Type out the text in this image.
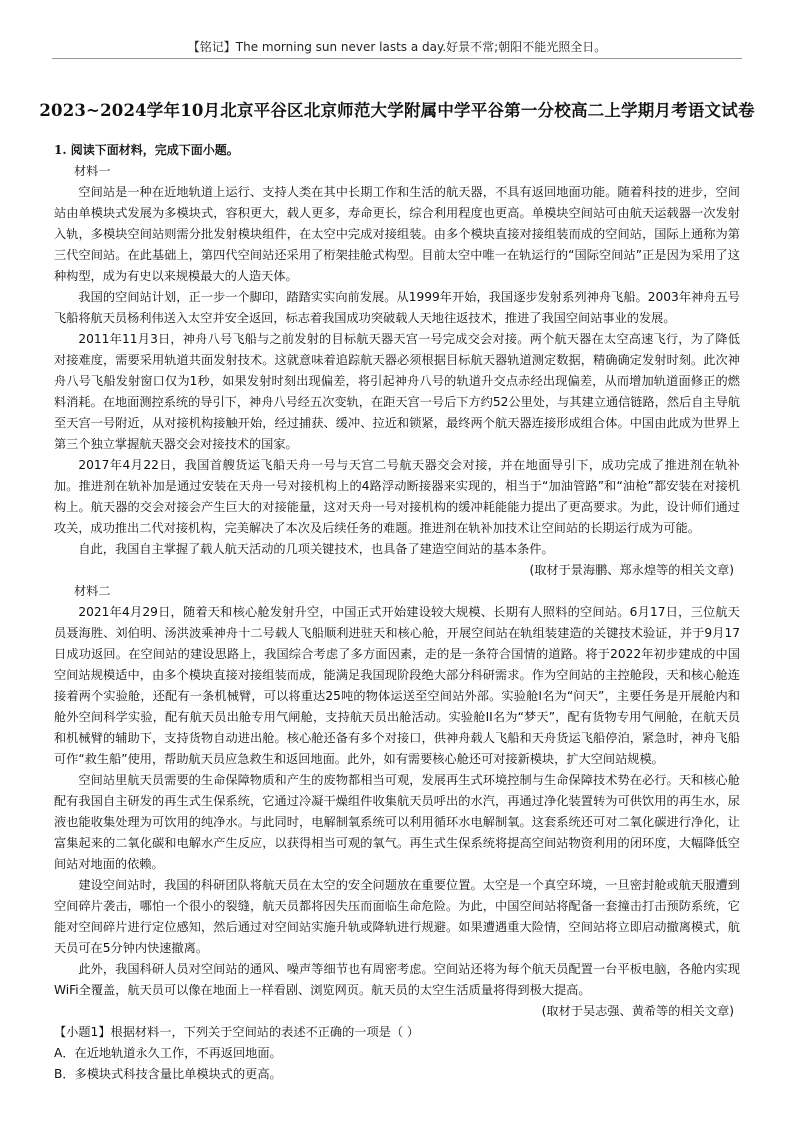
【铭记】The morning sun never lasts a day.好景不常;朝阳不能光照全日。
2023~2024学年10月北京平谷区北京师范大学附属中学平谷第一分校高二上学期月考语文试卷
1. 阅读下面材料，完成下面小题。
材料一

空间站是一种在近地轨道上运行、支持人类在其中长期工作和生活的航天器，不具有返回地面功能。随着科技的进步，空间站由单模块式发展为多模块式，容积更大，载人更多，寿命更长，综合利用程度也更高。单模块空间站可由航天运载器一次发射入轨，多模块空间站则需分批发射模块组件，在太空中完成对接组装。由多个模块直接对接组装而成的空间站，国际上通称为第三代空间站。在此基础上，第四代空间站还采用了桁架挂舱式构型。目前太空中唯一在轨运行的“国际空间站”正是因为采用了这种构型，成为有史以来规模最大的人造天体。

我国的空间站计划，正一步一个脚印，踏踏实实向前发展。从1999年开始，我国逐步发射系列神舟飞船。2003年神舟五号飞船将航天员杨利伟送入太空并安全返回，标志着我国成功突破载人天地往返技术，推进了我国空间站事业的发展。

2011年11月3日，神舟八号飞船与之前发射的目标航天器天宫一号完成交会对接。两个航天器在太空高速飞行，为了降低对接难度，需要采用轨道共面发射技术。这就意味着追踪航天器必须根据目标航天器轨道测定数据，精确确定发射时刻。此次神舟八号飞船发射窗口仅为1秒，如果发射时刻出现偏差，将引起神舟八号的轨道升交点赤经出现偏差，从而增加轨道面修正的燃料消耗。在地面测控系统的导引下，神舟八号经五次变轨，在距天宫一号后下方约52公里处，与其建立通信链路，然后自主导航至天宫一号附近，从对接机构接触开始，经过捕获、缓冲、拉近和锁紧，最终两个航天器连接形成组合体。中国由此成为世界上第三个独立掌握航天器交会对接技术的国家。

2017年4月22日，我国首艘货运飞船天舟一号与天宫二号航天器交会对接，并在地面导引下，成功完成了推进剂在轨补加。推进剂在轨补加是通过安装在天舟一号对接机构上的4路浮动断接器来实现的，相当于“加油管路”和“油枪”都安装在对接机构上。航天器的交会对接会产生巨大的对接能量，这对天舟一号对接机构的缓冲耗能能力提出了更高要求。为此，设计师们通过攻关，成功推出二代对接机构，完美解决了本次及后续任务的难题。推进剂在轨补加技术让空间站的长期运行成为可能。

自此，我国自主掌握了载人航天活动的几项关键技术，也具备了建造空间站的基本条件。

(取材于景海鹏、郑永煌等的相关文章)
材料二

2021年4月29日，随着天和核心舱发射升空，中国正式开始建设较大规模、长期有人照料的空间站。6月17日，三位航天员聂海胜、刘伯明、汤洪波乘神舟十二号载人飞船顺利进驻天和核心舱，开展空间站在轨组装建造的关键技术验证，并于9月17日成功返回。在空间站的建设思路上，我国综合考虑了多方面因素，走的是一条符合国情的道路。将于2022年初步建成的中国空间站规模适中，由多个模块直接对接组装而成，能满足我国现阶段绝大部分科研需求。作为空间站的主控舱段，天和核心舱连接着两个实验舱，还配有一条机械臂，可以将重达25吨的物体运送至空间站外部。实验舱I名为“问天”，主要任务是开展舱内和舱外空间科学实验，配有航天员出舱专用气闸舱，支持航天员出舱活动。实验舱II名为“梦天”，配有货物专用气闸舱，在航天员和机械臂的辅助下，支持货物自动进出舱。核心舱还备有多个对接口，供神舟载人飞船和天舟货运飞船停泊，紧急时，神舟飞船可作“救生船”使用，帮助航天员应急救生和返回地面。此外，如有需要核心舱还可对接新模块，扩大空间站规模。

空间站里航天员需要的生命保障物质和产生的废物都相当可观，发展再生式环境控制与生命保障技术势在必行。天和核心舱配有我国自主研发的再生式生保系统，它通过冷凝干燥组件收集航天员呼出的水汽，再通过净化装置转为可供饮用的再生水，尿液也能收集处理为可饮用的纯净水。与此同时，电解制氧系统可以利用循环水电解制氧。这套系统还可对二氧化碳进行净化，让富集起来的二氧化碳和电解水产生反应，以获得相当可观的氧气。再生式生保系统将提高空间站物资利用的闭环度，大幅降低空间站对地面的依赖。

建设空间站时，我国的科研团队将航天员在太空的安全问题放在重要位置。太空是一个真空环境，一旦密封舱或航天服遭到空间碎片袭击，哪怕一个很小的裂缝，航天员都将因失压而面临生命危险。为此，中国空间站将配备一套撞击打击预防系统，它能对空间碎片进行定位感知，然后通过对空间站实施升轨或降轨进行规避。如果遭遇重大险情，空间站将立即启动撤离模式，航天员可在5分钟内快速撤离。

此外，我国科研人员对空间站的通风、噪声等细节也有周密考虑。空间站还将为每个航天员配置一台平板电脑，各舱内实现WiFi全覆盖，航天员可以像在地面上一样看剧、浏览网页。航天员的太空生活质量将得到极大提高。

(取材于吴志强、黄希等的相关文章)

【小题1】根据材料一，下列关于空间站的表述不正确的一项是（ ）

A．在近地轨道永久工作，不再返回地面。

B．多模块式科技含量比单模块式的更高。
